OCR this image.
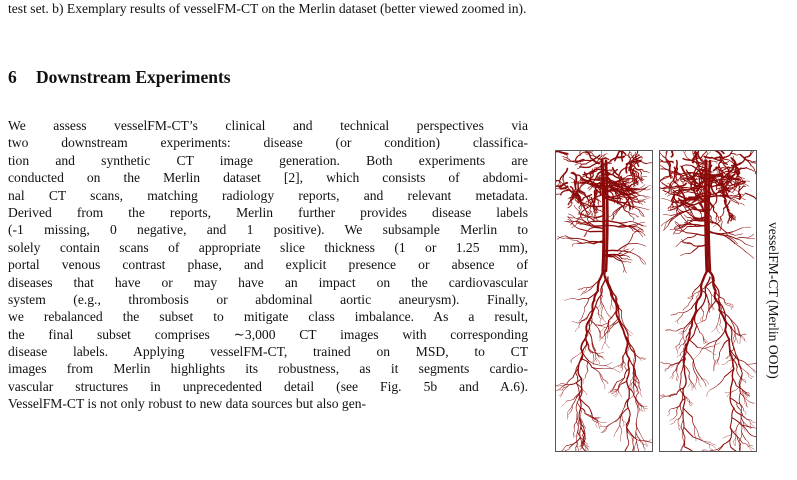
test set. b) Exemplary results of vesselFM-CT on the Merlin dataset (better viewed zoomed in).
6 Downstream Experiments
We assess vesselFM-CT’s clinical and technical perspectives via
two downstream experiments: disease (or condition) classifica-
tion and synthetic CT image generation. Both experiments are
conducted on the Merlin dataset [2], which consists of abdomi-
nal CT scans, matching radiology reports, and relevant metadata.
Derived from the reports, Merlin further provides disease labels
(-1 missing, 0 negative, and 1 positive). We subsample Merlin to
solely contain scans of appropriate slice thickness (1 or 1.25 mm),
portal venous contrast phase, and explicit presence or absence of
diseases that have or may have an impact on the cardiovascular
system (e.g., thrombosis or abdominal aortic aneurysm). Finally,
we rebalanced the subset to mitigate class imbalance. As a result,
the final subset comprises ∼3,000 CT images with corresponding
disease labels. Applying vesselFM-CT, trained on MSD, to CT
images from Merlin highlights its robustness, as it segments cardio-
vascular structures in unprecedented detail (see Fig. 5b and A.6).
VesselFM-CT is not only robust to new data sources but also gen-
vesselFM-CT (Merlin OOD)
